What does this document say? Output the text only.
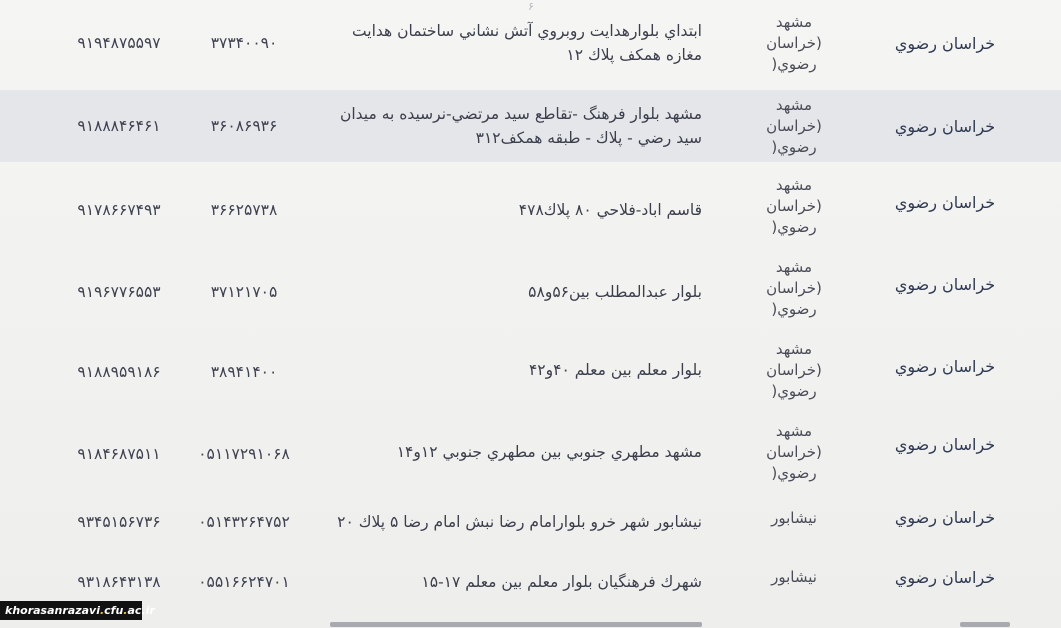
۶
خراسان رضوي
مشهد
(خراسان
رضوي(
ابتداي بلوارهدايت روبروي آتش نشاني ساختمان هدايت مغازه همكف پلاك ١٢
٣٧٣۴٠٠٩٠
٩١٩۴٨٧۵۵٩٧
خراسان رضوي
مشهد
(خراسان
رضوي(
مشهد بلوار فرهنگ -تقاطع سيد مرتضي-نرسيده به ميدان سيد رضي - پلاك - طبقه همكف٣١٢
٣۶٠٨۶٩٣۶
٩١٨٨٨۴۶۴۶١
خراسان رضوي
مشهد
(خراسان
رضوي(
قاسم اباد-فلاحي ٨٠ پلاك۴٧٨
٣۶۶٢۵٧٣٨
٩١٧٨۶۶٧۴٩٣
خراسان رضوي
مشهد
(خراسان
رضوي(
بلوار عبدالمطلب بين۵۶و۵٨
٣٧١٢١٧٠۵
٩١٩۶٧٧۶۵۵٣
خراسان رضوي
مشهد
(خراسان
رضوي(
بلوار معلم بين معلم ۴٠و۴٢
٣٨٩۴١۴٠٠
٩١٨٨٩۵٩١٨۶
خراسان رضوي
مشهد
(خراسان
رضوي(
مشهد مطهري جنوبي بين مطهري جنوبي ١٢و١۴
٠۵١١٧٢٩١٠۶٨
٩١٨۴۶٨٧۵١١
خراسان رضوي
نيشابور
نيشابور شهر خرو بلوارامام رضا نبش امام رضا ۵ پلاك ٢٠
٠۵١۴٣٢۶۴٧۵٢
٩٣۴۵١۵۶٧٣۶
خراسان رضوي
نيشابور
شهرك فرهنگيان بلوار معلم بين معلم ١٧-١۵
٠۵۵١۶۶٢۴٧٠١
٩٣١٨۶۴٣١٣٨
khorasanrazavi.cfu.ac.ir
